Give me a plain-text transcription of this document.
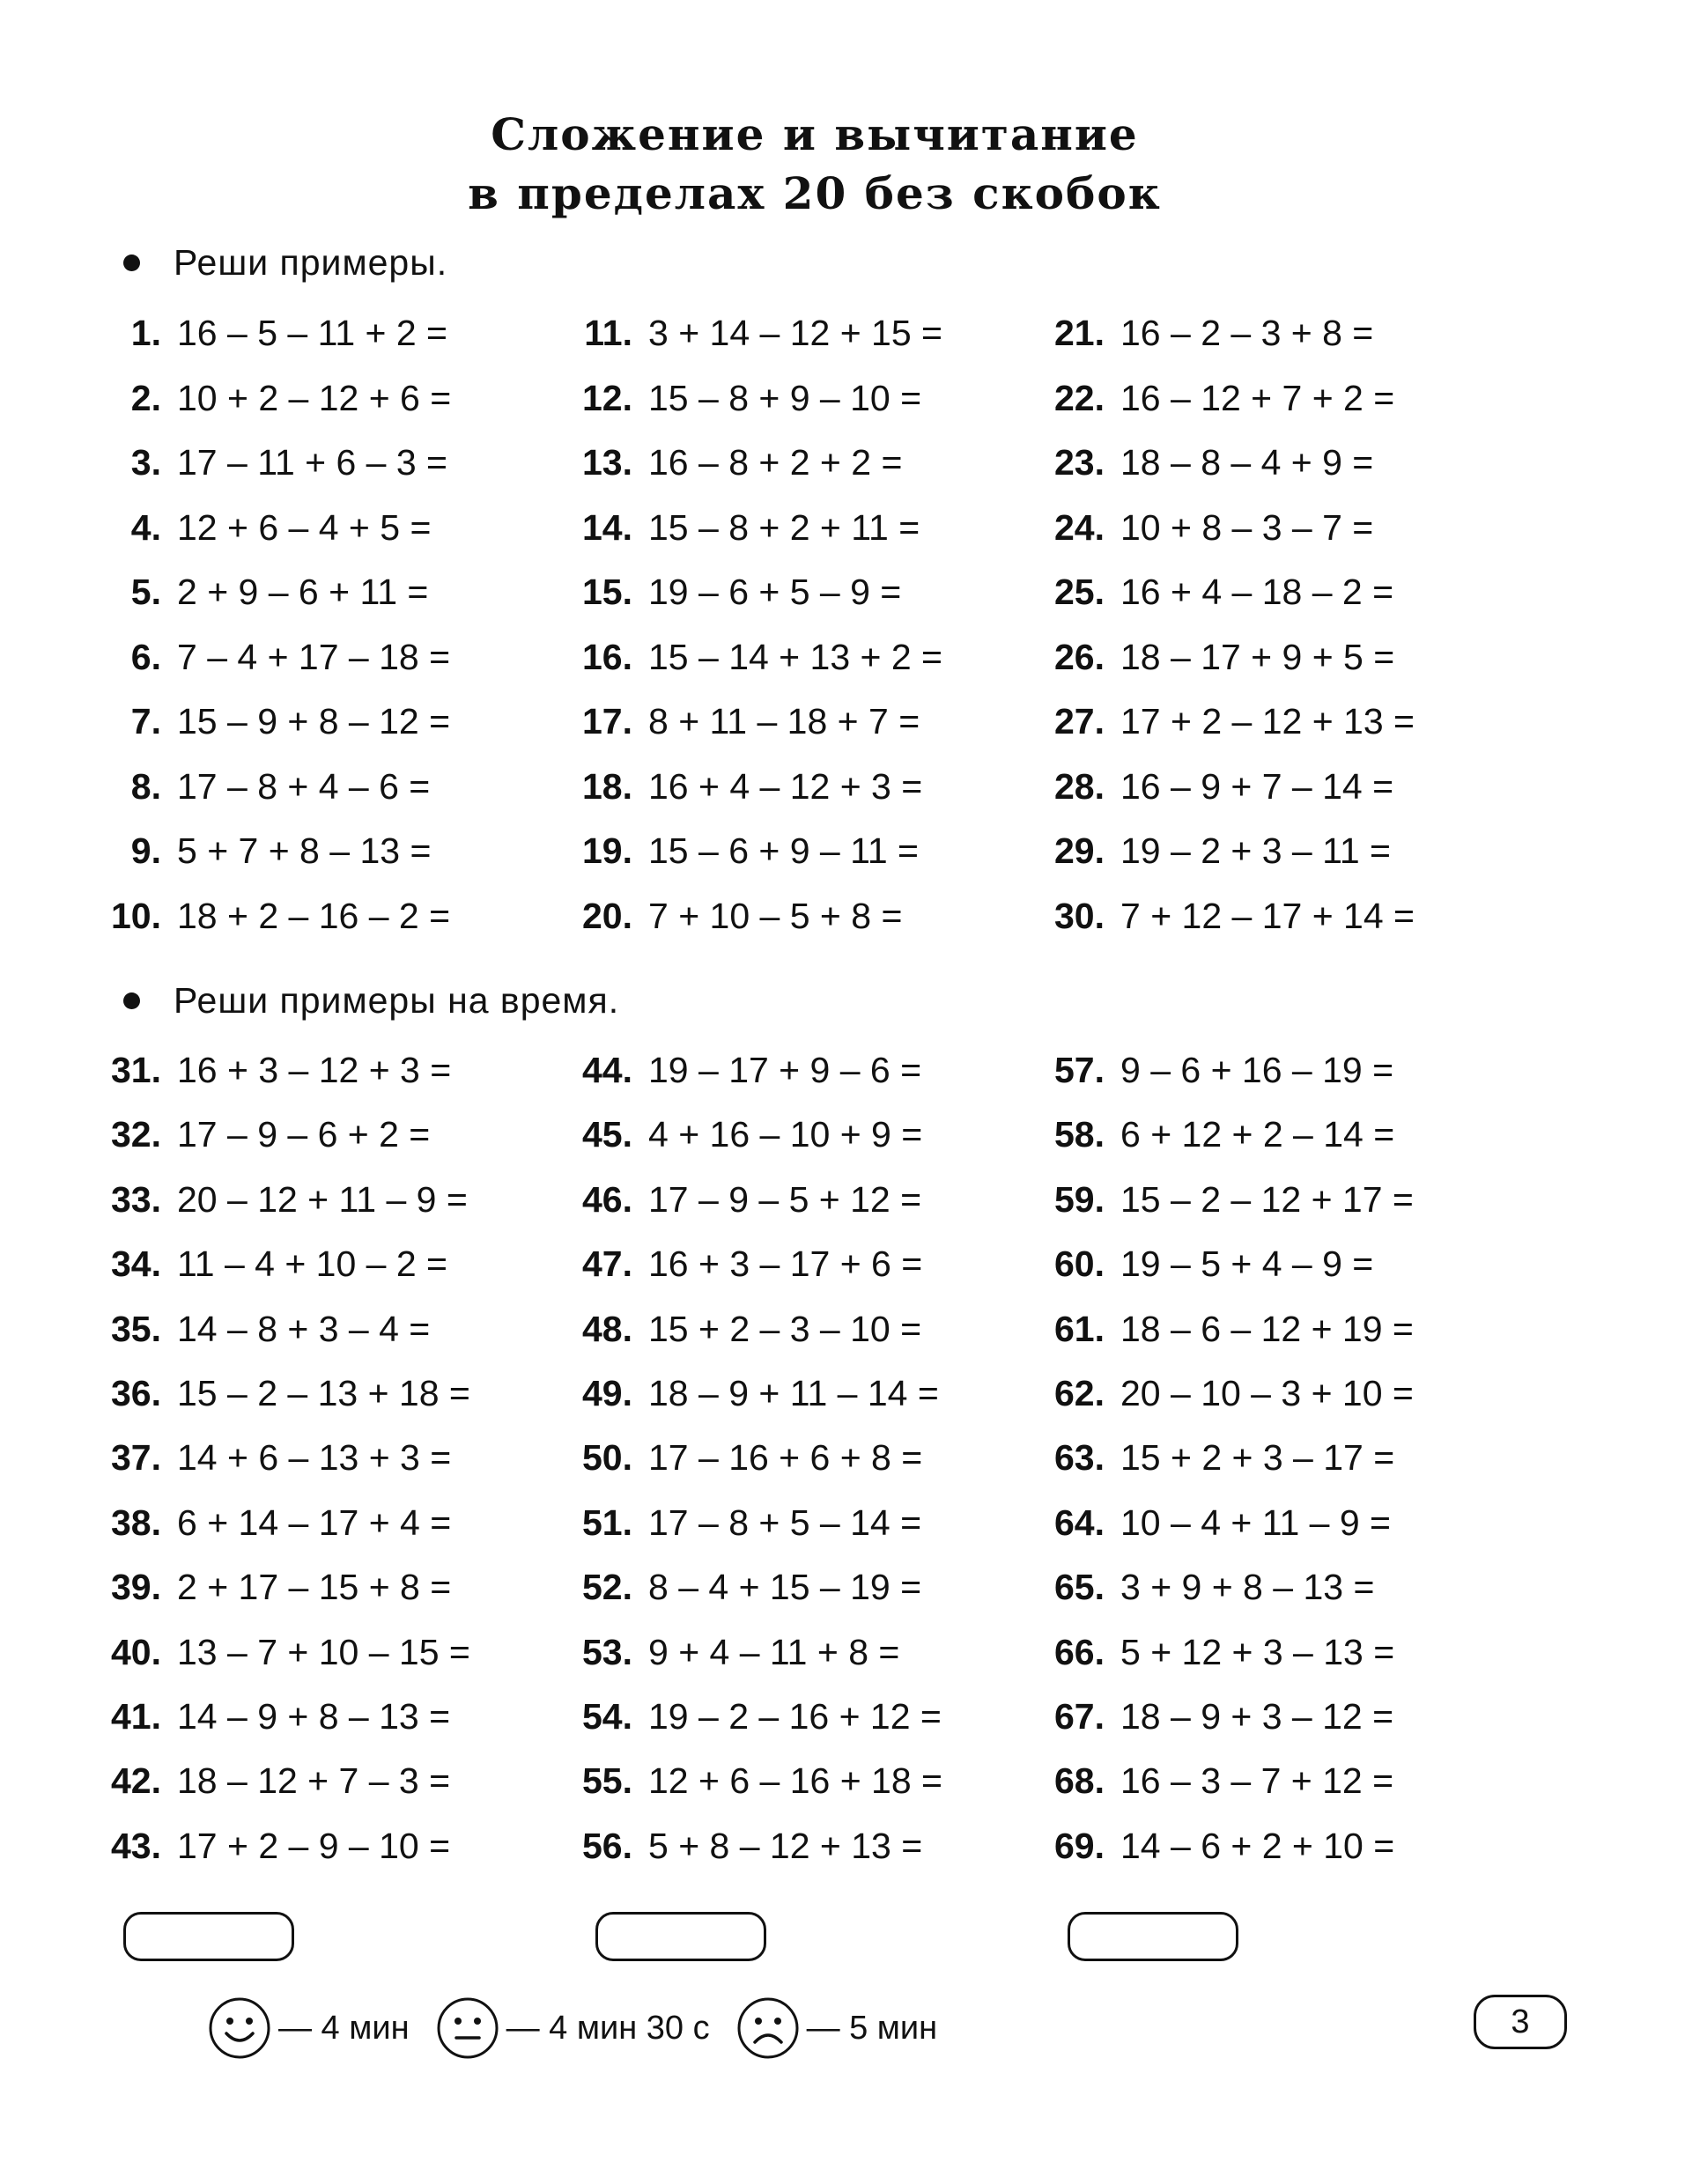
Сложение и вычитание
в пределах 20 без скобок
Реши примеры.
1. 16 – 5 – 11 + 2 =
2. 10 + 2 – 12 + 6 =
3. 17 – 11 + 6 – 3 =
4. 12 + 6 – 4 + 5 =
5. 2 + 9 – 6 + 11 =
6. 7 – 4 + 17 – 18 =
7. 15 – 9 + 8 – 12 =
8. 17 – 8 + 4 – 6 =
9. 5 + 7 + 8 – 13 =
10. 18 + 2 – 16 – 2 =
11. 3 + 14 – 12 + 15 =
12. 15 – 8 + 9 – 10 =
13. 16 – 8 + 2 + 2 =
14. 15 – 8 + 2 + 11 =
15. 19 – 6 + 5 – 9 =
16. 15 – 14 + 13 + 2 =
17. 8 + 11 – 18 + 7 =
18. 16 + 4 – 12 + 3 =
19. 15 – 6 + 9 – 11 =
20. 7 + 10 – 5 + 8 =
21. 16 – 2 – 3 + 8 =
22. 16 – 12 + 7 + 2 =
23. 18 – 8 – 4 + 9 =
24. 10 + 8 – 3 – 7 =
25. 16 + 4 – 18 – 2 =
26. 18 – 17 + 9 + 5 =
27. 17 + 2 – 12 + 13 =
28. 16 – 9 + 7 – 14 =
29. 19 – 2 + 3 – 11 =
30. 7 + 12 – 17 + 14 =
Реши примеры на время.
31. 16 + 3 – 12 + 3 =
32. 17 – 9 – 6 + 2 =
33. 20 – 12 + 11 – 9 =
34. 11 – 4 + 10 – 2 =
35. 14 – 8 + 3 – 4 =
36. 15 – 2 – 13 + 18 =
37. 14 + 6 – 13 + 3 =
38. 6 + 14 – 17 + 4 =
39. 2 + 17 – 15 + 8 =
40. 13 – 7 + 10 – 15 =
41. 14 – 9 + 8 – 13 =
42. 18 – 12 + 7 – 3 =
43. 17 + 2 – 9 – 10 =
44. 19 – 17 + 9 – 6 =
45. 4 + 16 – 10 + 9 =
46. 17 – 9 – 5 + 12 =
47. 16 + 3 – 17 + 6 =
48. 15 + 2 – 3 – 10 =
49. 18 – 9 + 11 – 14 =
50. 17 – 16 + 6 + 8 =
51. 17 – 8 + 5 – 14 =
52. 8 – 4 + 15 – 19 =
53. 9 + 4 – 11 + 8 =
54. 19 – 2 – 16 + 12 =
55. 12 + 6 – 16 + 18 =
56. 5 + 8 – 12 + 13 =
57. 9 – 6 + 16 – 19 =
58. 6 + 12 + 2 – 14 =
59. 15 – 2 – 12 + 17 =
60. 19 – 5 + 4 – 9 =
61. 18 – 6 – 12 + 19 =
62. 20 – 10 – 3 + 10 =
63. 15 + 2 + 3 – 17 =
64. 10 – 4 + 11 – 9 =
65. 3 + 9 + 8 – 13 =
66. 5 + 12 + 3 – 13 =
67. 18 – 9 + 3 – 12 =
68. 16 – 3 – 7 + 12 =
69. 14 – 6 + 2 + 10 =
— 4 мин	— 4 мин 30 с	— 5 мин	3
